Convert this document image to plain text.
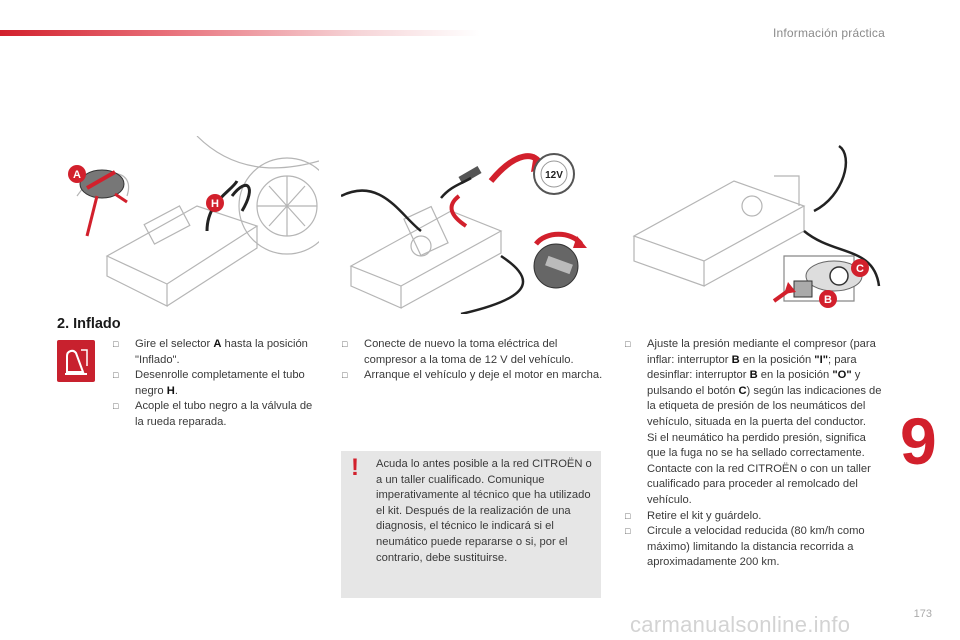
Información práctica
A
H
12V
C
B
2. Inflado
□ Gire el selector A hasta la posición "Inflado".
□ Desenrolle completamente el tubo negro H.
□ Acople el tubo negro a la válvula de la rueda reparada.
□ Conecte de nuevo la toma eléctrica del compresor a la toma de 12 V del vehículo.
□ Arranque el vehículo y deje el motor en marcha.
! Acuda lo antes posible a la red CITROËN o a un taller cualificado. Comunique imperativamente al técnico que ha utilizado el kit. Después de la realización de una diagnosis, el técnico le indicará si el neumático puede repararse o si, por el contrario, debe sustituirse.
□ Ajuste la presión mediante el compresor (para inflar: interruptor B en la posición "I"; para desinflar: interruptor B en la posición "O" y pulsando el botón C) según las indicaciones de la etiqueta de presión de los neumáticos del vehículo, situada en la puerta del conductor.
Si el neumático ha perdido presión, significa que la fuga no se ha sellado correctamente. Contacte con la red CITROËN o con un taller cualificado para proceder al remolcado del vehículo.
□ Retire el kit y guárdelo.
□ Circule a velocidad reducida (80 km/h como máximo) limitando la distancia recorrida a aproximadamente 200 km.
9
carmanualsonline.info	173
